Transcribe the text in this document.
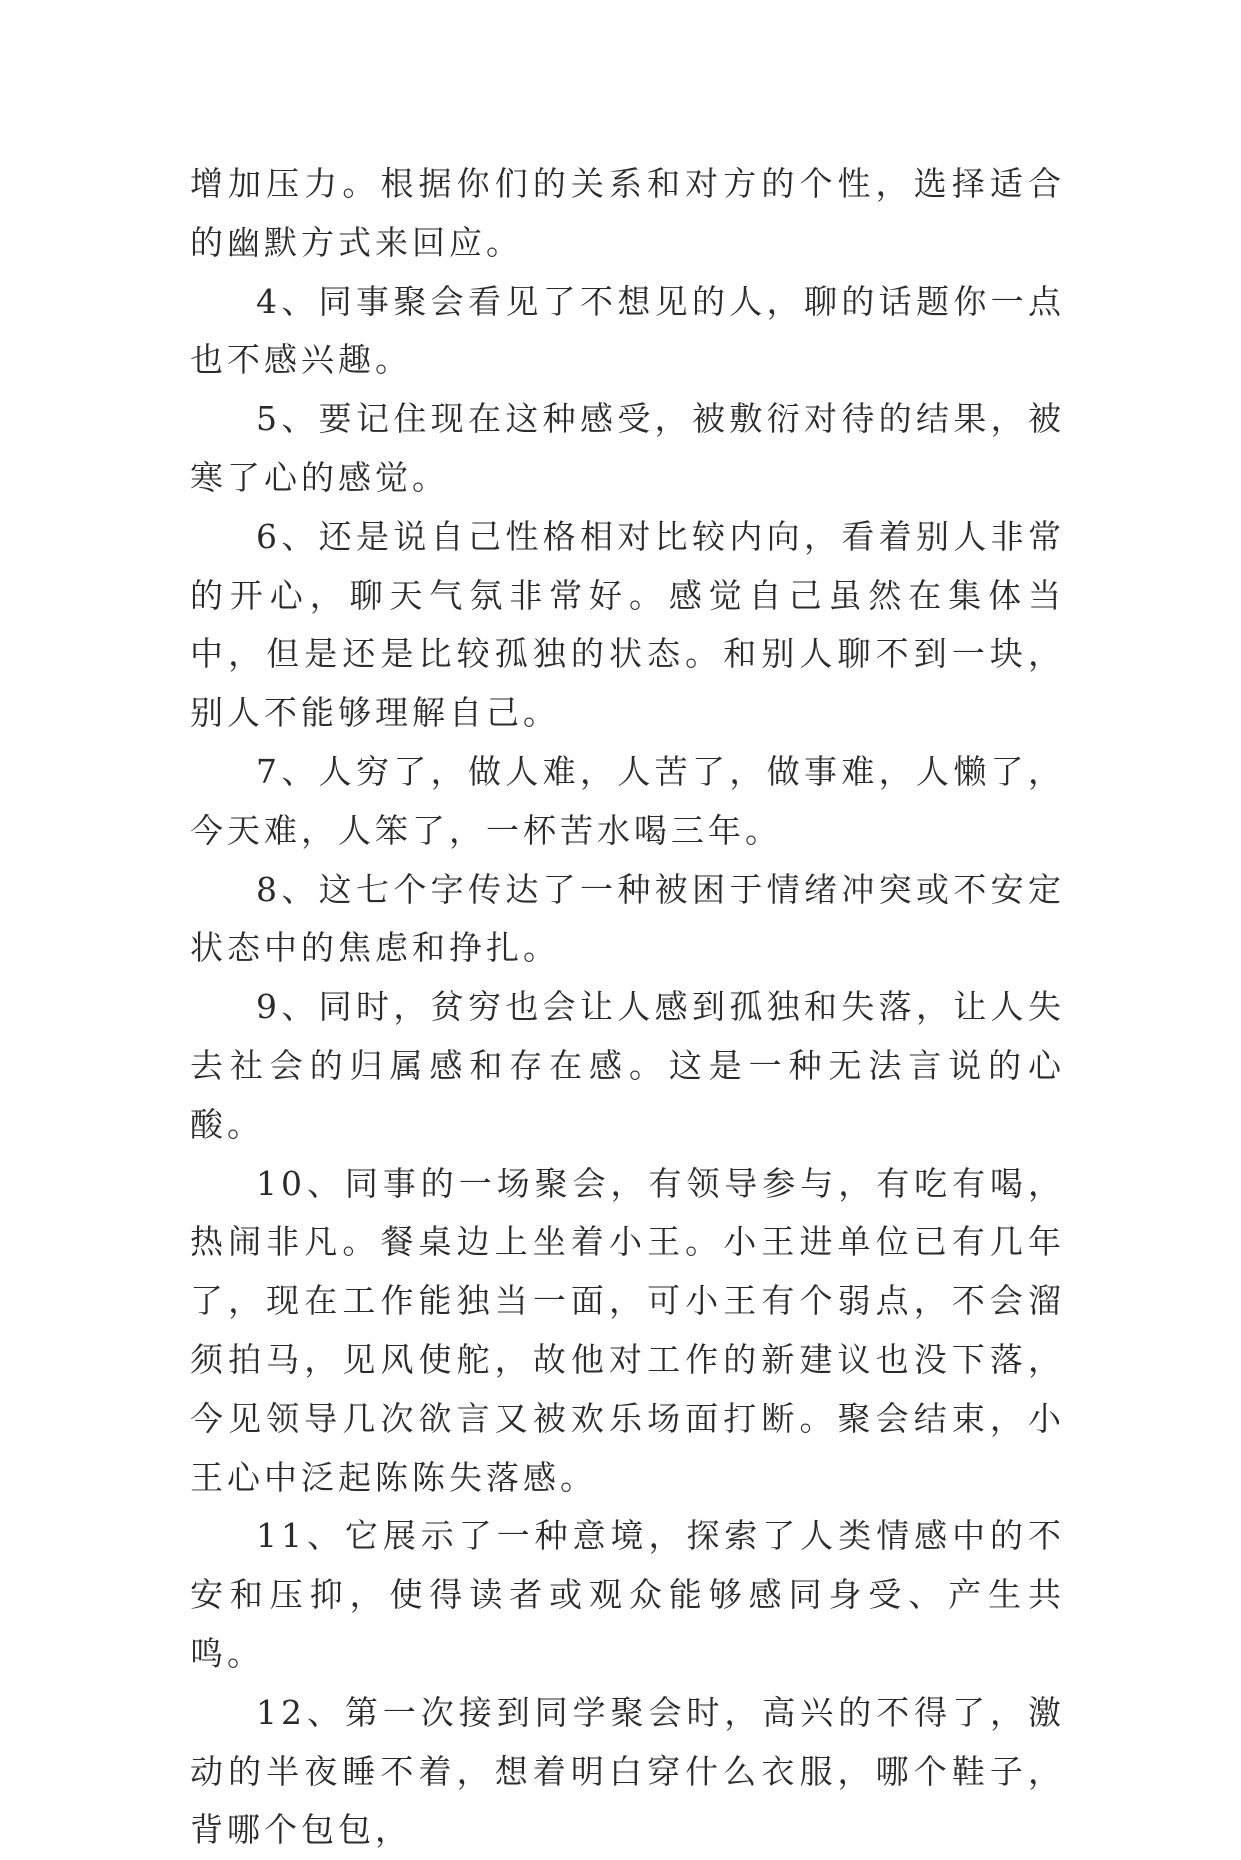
增加压力。根据你们的关系和对方的个性，选择适合的幽默方式来回应。

4、同事聚会看见了不想见的人，聊的话题你一点也不感兴趣。

5、要记住现在这种感受，被敷衍对待的结果，被寒了心的感觉。

6、还是说自己性格相对比较内向，看着别人非常的开心，聊天气氛非常好。感觉自己虽然在集体当中，但是还是比较孤独的状态。和别人聊不到一块，别人不能够理解自己。

7、人穷了，做人难，人苦了，做事难，人懒了，今天难，人笨了，一杯苦水喝三年。

8、这七个字传达了一种被困于情绪冲突或不安定状态中的焦虑和挣扎。

9、同时，贫穷也会让人感到孤独和失落，让人失去社会的归属感和存在感。这是一种无法言说的心酸。

10、同事的一场聚会，有领导参与，有吃有喝，热闹非凡。餐桌边上坐着小王。小王进单位已有几年了，现在工作能独当一面，可小王有个弱点，不会溜须拍马，见风使舵，故他对工作的新建议也没下落，今见领导几次欲言又被欢乐场面打断。聚会结束，小王心中泛起陈陈失落感。

11、它展示了一种意境，探索了人类情感中的不安和压抑，使得读者或观众能够感同身受、产生共鸣。

12、第一次接到同学聚会时，高兴的不得了，激动的半夜睡不着，想着明白穿什么衣服，哪个鞋子，背哪个包包，
